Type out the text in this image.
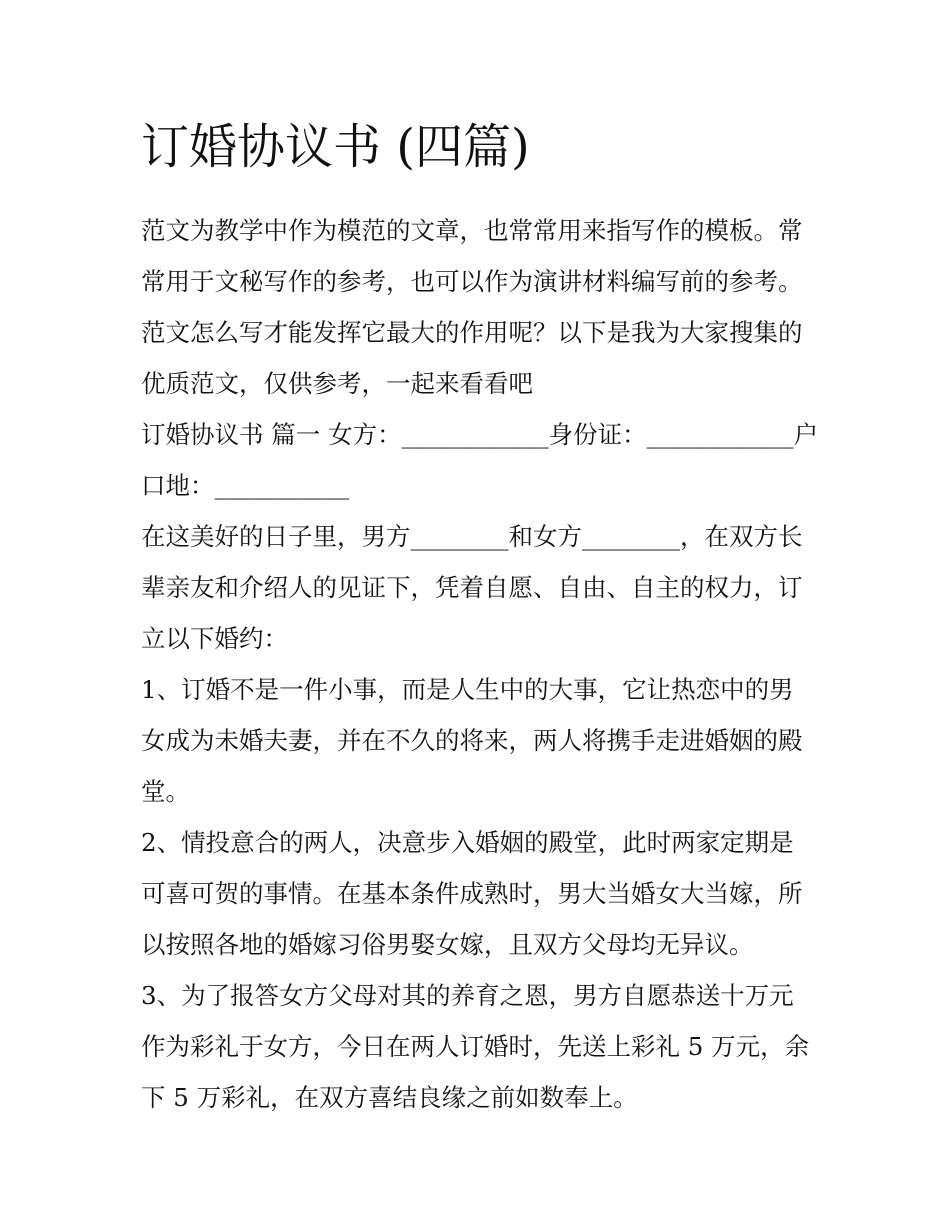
订婚协议书 (四篇)

范文为教学中作为模范的文章，也常常用来指写作的模板。常
常用于文秘写作的参考，也可以作为演讲材料编写前的参考。
范文怎么写才能发挥它最大的作用呢？以下是我为大家搜集的
优质范文，仅供参考，一起来看看吧

订婚协议书 篇一 女方：____________身份证：____________户
口地：___________

在这美好的日子里，男方________和女方________，在双方长
辈亲友和介绍人的见证下，凭着自愿、自由、自主的权力，订
立以下婚约：

1、订婚不是一件小事，而是人生中的大事，它让热恋中的男
女成为未婚夫妻，并在不久的将来，两人将携手走进婚姻的殿
堂。

2、情投意合的两人，决意步入婚姻的殿堂，此时两家定期是
可喜可贺的事情。在基本条件成熟时，男大当婚女大当嫁，所
以按照各地的婚嫁习俗男娶女嫁，且双方父母均无异议。

3、为了报答女方父母对其的养育之恩，男方自愿恭送十万元
作为彩礼于女方，今日在两人订婚时，先送上彩礼 5 万元，余
下 5 万彩礼，在双方喜结良缘之前如数奉上。
